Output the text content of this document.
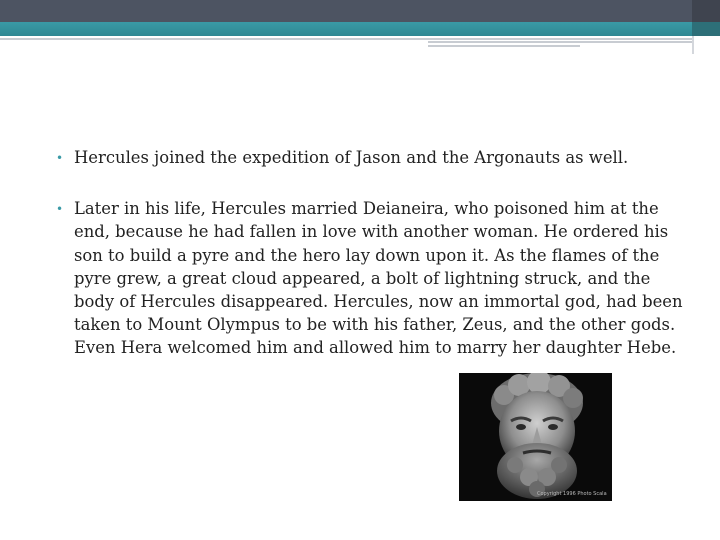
• Hercules joined the expedition of Jason and the Argonauts as well.
• Later in his life, Hercules married Deianeira, who poisoned him at the end, because he had fallen in love with another woman. He ordered his son to build a pyre and the hero lay down upon it. As the flames of the pyre grew, a great cloud appeared, a bolt of lightning struck, and the body of Hercules disappeared. Hercules, now an immortal god, had been taken to Mount Olympus to be with his father, Zeus, and the other gods. Even Hera welcomed him and allowed him to marry her daughter Hebe.
Copyright 1996 Photo Scala
